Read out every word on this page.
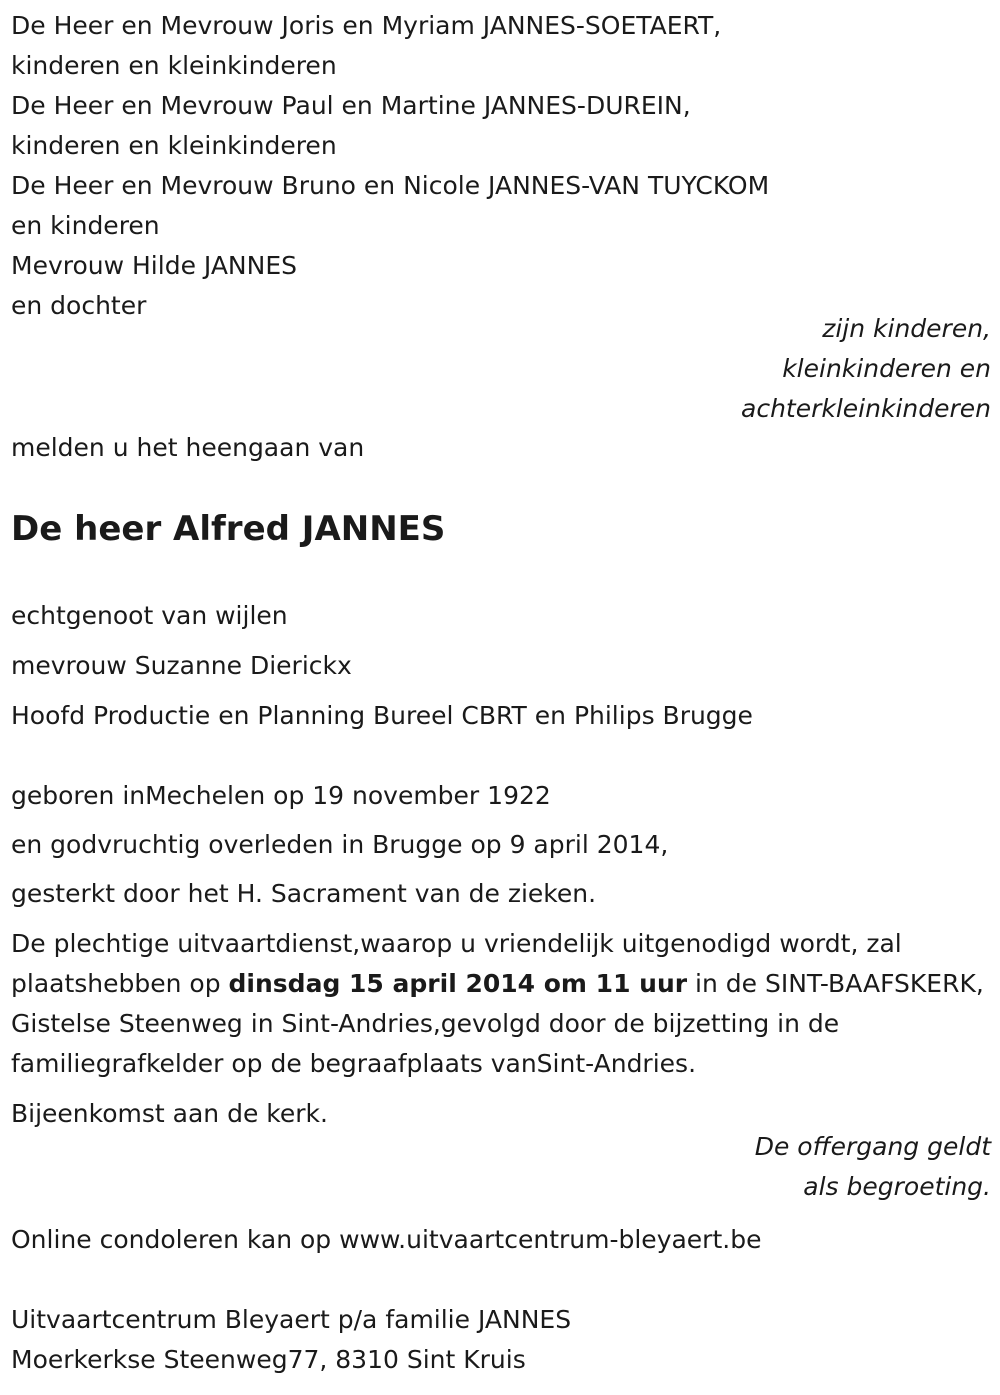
De Heer en Mevrouw Joris en Myriam JANNES-SOETAERT,
kinderen en kleinkinderen
De Heer en Mevrouw Paul en Martine JANNES-DUREIN,
kinderen en kleinkinderen
De Heer en Mevrouw Bruno en Nicole JANNES-VAN TUYCKOM
en kinderen
Mevrouw Hilde JANNES
en dochter
zijn kinderen,
kleinkinderen en
achterkleinkinderen
melden u het heengaan van
De heer Alfred JANNES
echtgenoot van wijlen
mevrouw Suzanne Dierickx
Hoofd Productie en Planning Bureel CBRT en Philips Brugge
geboren inMechelen op 19 november 1922
en godvruchtig overleden in Brugge op 9 april 2014,
gesterkt door het H. Sacrament van de zieken.
De plechtige uitvaartdienst,waarop u vriendelijk uitgenodigd wordt, zal
plaatshebben op dinsdag 15 april 2014 om 11 uur in de SINT-BAAFSKERK,
Gistelse Steenweg in Sint-Andries,gevolgd door de bijzetting in de
familiegrafkelder op de begraafplaats vanSint-Andries.
Bijeenkomst aan de kerk.
De offergang geldt
als begroeting.
Online condoleren kan op www.uitvaartcentrum-bleyaert.be
Uitvaartcentrum Bleyaert p/a familie JANNES
Moerkerkse Steenweg77, 8310 Sint Kruis
